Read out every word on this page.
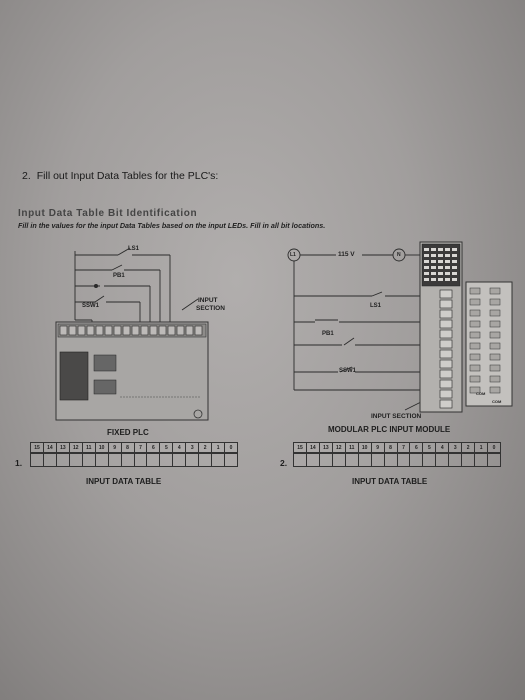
2. Fill out Input Data Tables for the PLC's:
Input Data Table Bit Identification
Fill in the values for the input Data Tables based on the input LEDs. Fill in all bit locations.
LS1
PB1
SSW1
INPUT
SECTION
FIXED PLC
L1	N
115 V
LS1
PB1
SSW1
INPUT SECTION
COM
COM
MODULAR PLC INPUT MODULE
1.
15	14	13	12	11	10	9	8	7	6	5	4	3	2	1	0
INPUT DATA TABLE
2.
15	14	13	12	11	10	9	8	7	6	5	4	3	2	1	0
INPUT DATA TABLE
